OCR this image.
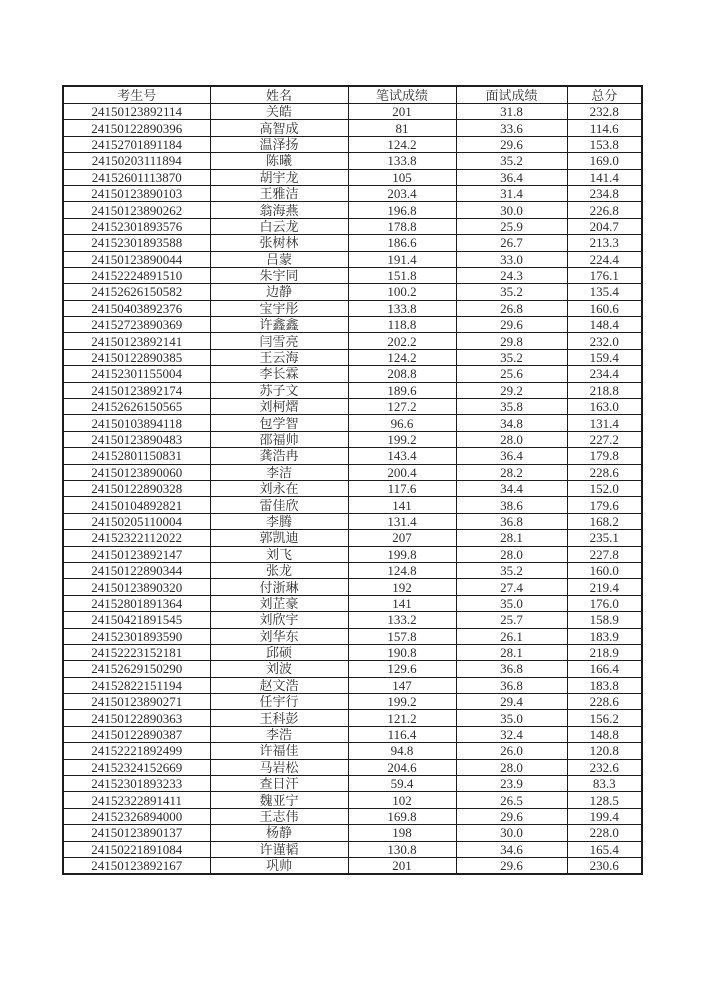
考生号	姓名	笔试成绩	面试成绩	总分
24150123892114	关皓	201	31.8	232.8
24150122890396	高智成	81	33.6	114.6
24152701891184	温泽扬	124.2	29.6	153.8
24150203111894	陈曦	133.8	35.2	169.0
24152601113870	胡宇龙	105	36.4	141.4
24150123890103	王雅洁	203.4	31.4	234.8
24150123890262	翁海燕	196.8	30.0	226.8
24152301893576	白云龙	178.8	25.9	204.7
24152301893588	张树林	186.6	26.7	213.3
24150123890044	吕蒙	191.4	33.0	224.4
24152224891510	朱宇同	151.8	24.3	176.1
24152626150582	边静	100.2	35.2	135.4
24150403892376	宝宇彤	133.8	26.8	160.6
24152723890369	许鑫鑫	118.8	29.6	148.4
24150123892141	闫雪亮	202.2	29.8	232.0
24150122890385	王云海	124.2	35.2	159.4
24152301155004	李长霖	208.8	25.6	234.4
24150123892174	苏子文	189.6	29.2	218.8
24152626150565	刘柯熠	127.2	35.8	163.0
24150103894118	包学智	96.6	34.8	131.4
24150123890483	邵福帅	199.2	28.0	227.2
24152801150831	龚浩冉	143.4	36.4	179.8
24150123890060	李洁	200.4	28.2	228.6
24150122890328	刘永在	117.6	34.4	152.0
24150104892821	雷佳欣	141	38.6	179.6
24150205110004	李腾	131.4	36.8	168.2
24152322112022	郭凯迪	207	28.1	235.1
24150123892147	刘飞	199.8	28.0	227.8
24150122890344	张龙	124.8	35.2	160.0
24150123890320	付浙琳	192	27.4	219.4
24152801891364	刘芷豪	141	35.0	176.0
24150421891545	刘欣宇	133.2	25.7	158.9
24152301893590	刘华东	157.8	26.1	183.9
24152223152181	邱硕	190.8	28.1	218.9
24152629150290	刘波	129.6	36.8	166.4
24152822151194	赵文浩	147	36.8	183.8
24150123890271	任宇行	199.2	29.4	228.6
24150122890363	王科彭	121.2	35.0	156.2
24150122890387	李浩	116.4	32.4	148.8
24152221892499	许福佳	94.8	26.0	120.8
24152324152669	马岩松	204.6	28.0	232.6
24152301893233	查日汗	59.4	23.9	83.3
24152322891411	魏亚宁	102	26.5	128.5
24152326894000	王志伟	169.8	29.6	199.4
24150123890137	杨静	198	30.0	228.0
24150221891084	许谨韬	130.8	34.6	165.4
24150123892167	巩帅	201	29.6	230.6
